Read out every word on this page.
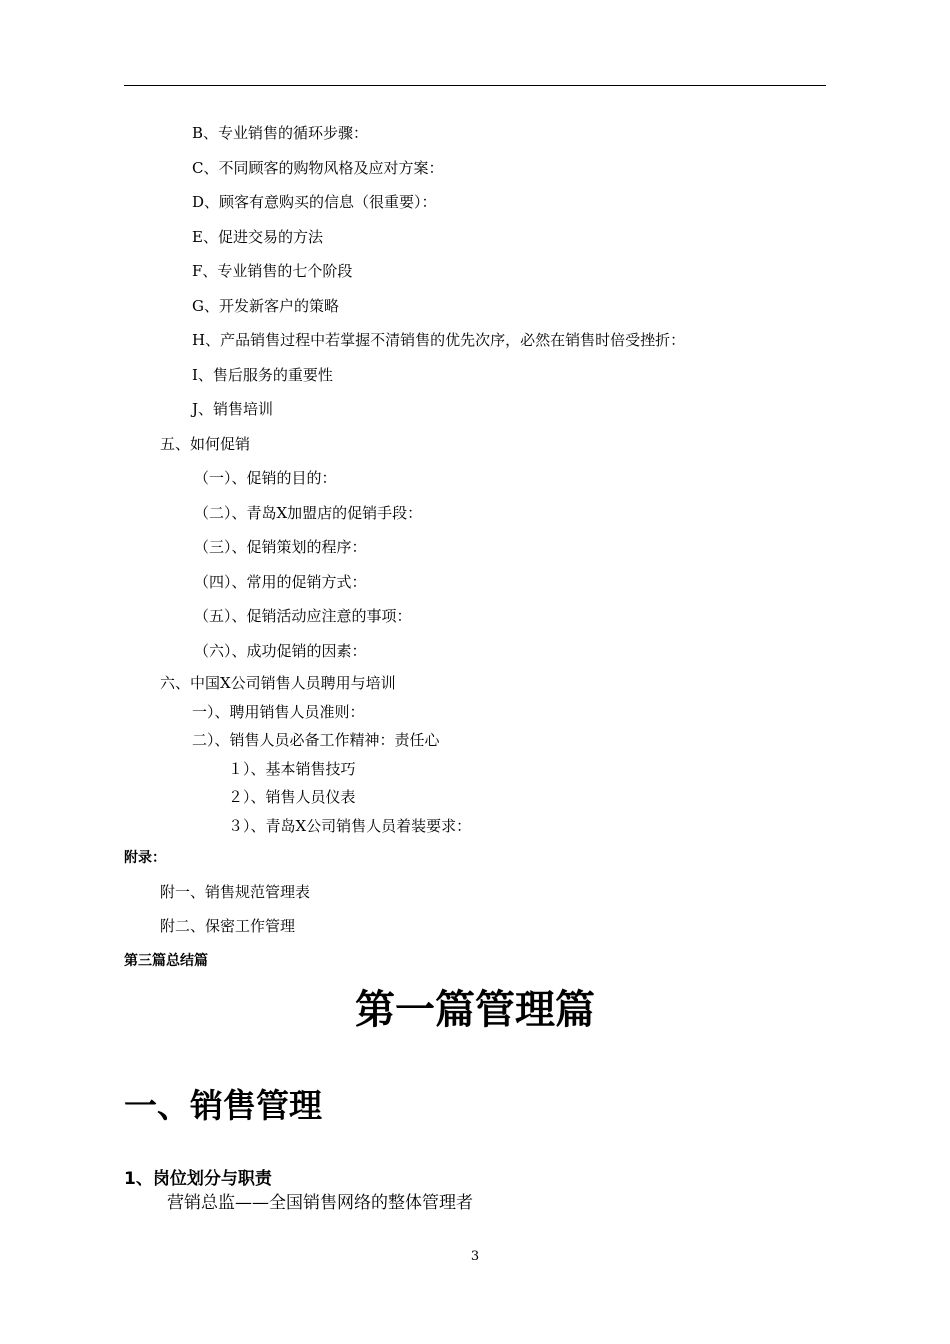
B、专业销售的循环步骤：
C、不同顾客的购物风格及应对方案：
D、顾客有意购买的信息（很重要）：
E、促进交易的方法
F、专业销售的七个阶段
G、开发新客户的策略
H、产品销售过程中若掌握不清销售的优先次序，必然在销售时倍受挫折：
I、售后服务的重要性
J、销售培训
五、如何促销
（一）、促销的目的：
（二）、青岛X加盟店的促销手段：
（三）、促销策划的程序：
（四）、常用的促销方式：
（五）、促销活动应注意的事项：
（六）、成功促销的因素：
六、中国X公司销售人员聘用与培训
一）、聘用销售人员准则：
二）、销售人员必备工作精神：责任心
１）、基本销售技巧
２）、销售人员仪表
３）、青岛X公司销售人员着装要求：
附录：
附一、销售规范管理表
附二、保密工作管理
第三篇总结篇
第一篇管理篇
一、销售管理
1、岗位划分与职责
营销总监——全国销售网络的整体管理者
3
